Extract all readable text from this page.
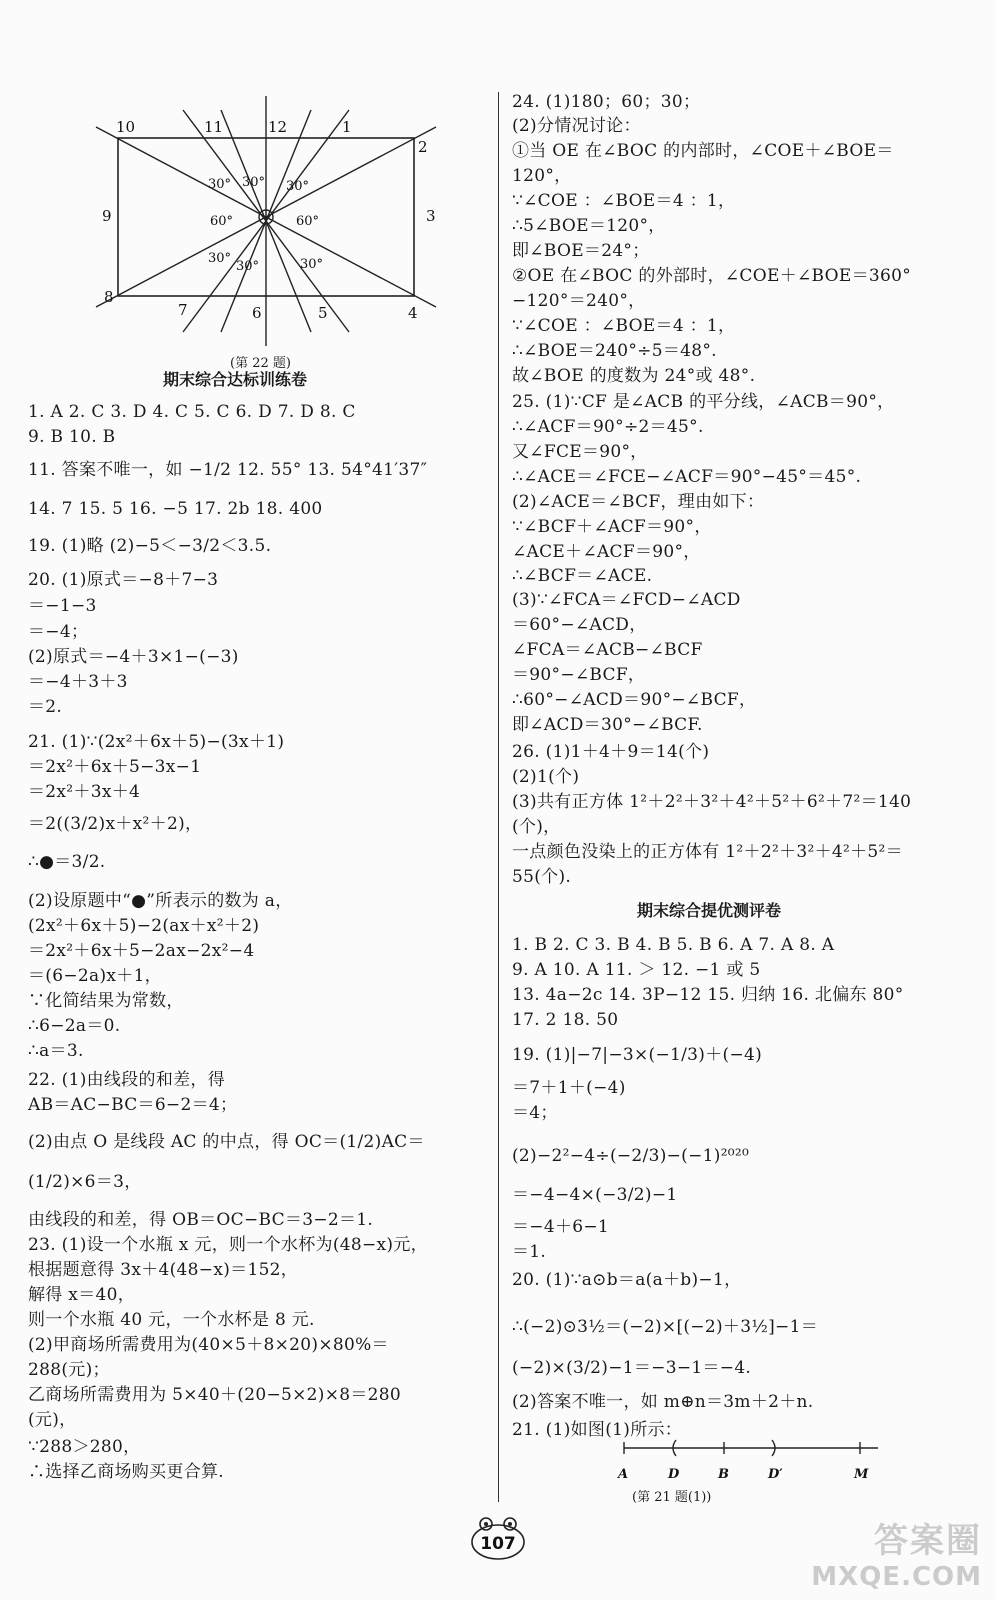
10	11	12	1
2
3
4
5
6
7
8
9
30° 30° 30°
60°	60°
30°
30°	30°
(第 22 题)
期末综合达标训练卷
1. A 2. C 3. D 4. C 5. C 6. D 7. D 8. C
9. B 10. B
11. 答案不唯一，如 −1/2 12. 55° 13. 54°41′37″
14. 7 15. 5 16. −5 17. 2b 18. 400
19. (1)略 (2)−5＜−3/2＜3.5.
20. (1)原式＝−8＋7−3
＝−1−3
＝−4；
(2)原式＝−4＋3×1−(−3)
＝−4＋3＋3
＝2.
21. (1)∵(2x²＋6x＋5)−(3x＋1)
＝2x²＋6x＋5−3x−1
＝2x²＋3x＋4
＝2((3/2)x＋x²＋2)，
∴●＝3/2.
(2)设原题中“●”所表示的数为 a，
(2x²＋6x＋5)−2(ax＋x²＋2)
＝2x²＋6x＋5−2ax−2x²−4
＝(6−2a)x＋1，
∵化简结果为常数，
∴6−2a＝0.
∴a＝3.
22. (1)由线段的和差，得
AB＝AC−BC＝6−2＝4；
(2)由点 O 是线段 AC 的中点，得 OC＝(1/2)AC＝
(1/2)×6＝3，
由线段的和差，得 OB＝OC−BC＝3−2＝1.
23. (1)设一个水瓶 x 元，则一个水杯为(48−x)元，
根据题意得 3x＋4(48−x)＝152，
解得 x＝40，
则一个水瓶 40 元，一个水杯是 8 元.
(2)甲商场所需费用为(40×5＋8×20)×80%＝
288(元)；
乙商场所需费用为 5×40＋(20−5×2)×8＝280
(元)，
∵288＞280，
∴选择乙商场购买更合算.
24. (1)180；60；30；
(2)分情况讨论：
①当 OE 在∠BOC 的内部时，∠COE＋∠BOE＝
120°，
∵∠COE ：∠BOE＝4 ：1，
∴5∠BOE＝120°，
即∠BOE＝24°；
②OE 在∠BOC 的外部时，∠COE＋∠BOE＝360°
−120°＝240°，
∵∠COE ：∠BOE＝4 ：1，
∴∠BOE＝240°÷5＝48°.
故∠BOE 的度数为 24°或 48°.
25. (1)∵CF 是∠ACB 的平分线，∠ACB＝90°，
∴∠ACF＝90°÷2＝45°.
又∠FCE＝90°，
∴∠ACE＝∠FCE−∠ACF＝90°−45°＝45°.
(2)∠ACE＝∠BCF，理由如下：
∵∠BCF＋∠ACF＝90°，
∠ACE＋∠ACF＝90°，
∴∠BCF＝∠ACE.
(3)∵∠FCA＝∠FCD−∠ACD
＝60°−∠ACD，
∠FCA＝∠ACB−∠BCF
＝90°−∠BCF，
∴60°−∠ACD＝90°−∠BCF，
即∠ACD＝30°−∠BCF.
26. (1)1＋4＋9＝14(个)
(2)1(个)
(3)共有正方体 1²＋2²＋3²＋4²＋5²＋6²＋7²＝140
(个)，
一点颜色没染上的正方体有 1²＋2²＋3²＋4²＋5²＝
55(个).
期末综合提优测评卷
1. B 2. C 3. B 4. B 5. B 6. A 7. A 8. A
9. A 10. A 11. ＞ 12. −1 或 5
13. 4a−2c 14. 3P−12 15. 归纳 16. 北偏东 80°
17. 2 18. 50
19. (1)|−7|−3×(−1/3)＋(−4)
＝7＋1＋(−4)
＝4；
(2)−2²−4÷(−2/3)−(−1)²⁰²⁰
＝−4−4×(−3/2)−1
＝−4＋6−1
＝1.
20. (1)∵a⊙b＝a(a＋b)−1，
∴(−2)⊙3½＝(−2)×[(−2)＋3½]−1＝
(−2)×(3/2)−1＝−3−1＝−4.
(2)答案不唯一，如 m⊕n＝3m＋2＋n.
21. (1)如图(1)所示：
A	D	B	D′	M
(第 21 题(1))
107	答案圈
MXQE.COM
